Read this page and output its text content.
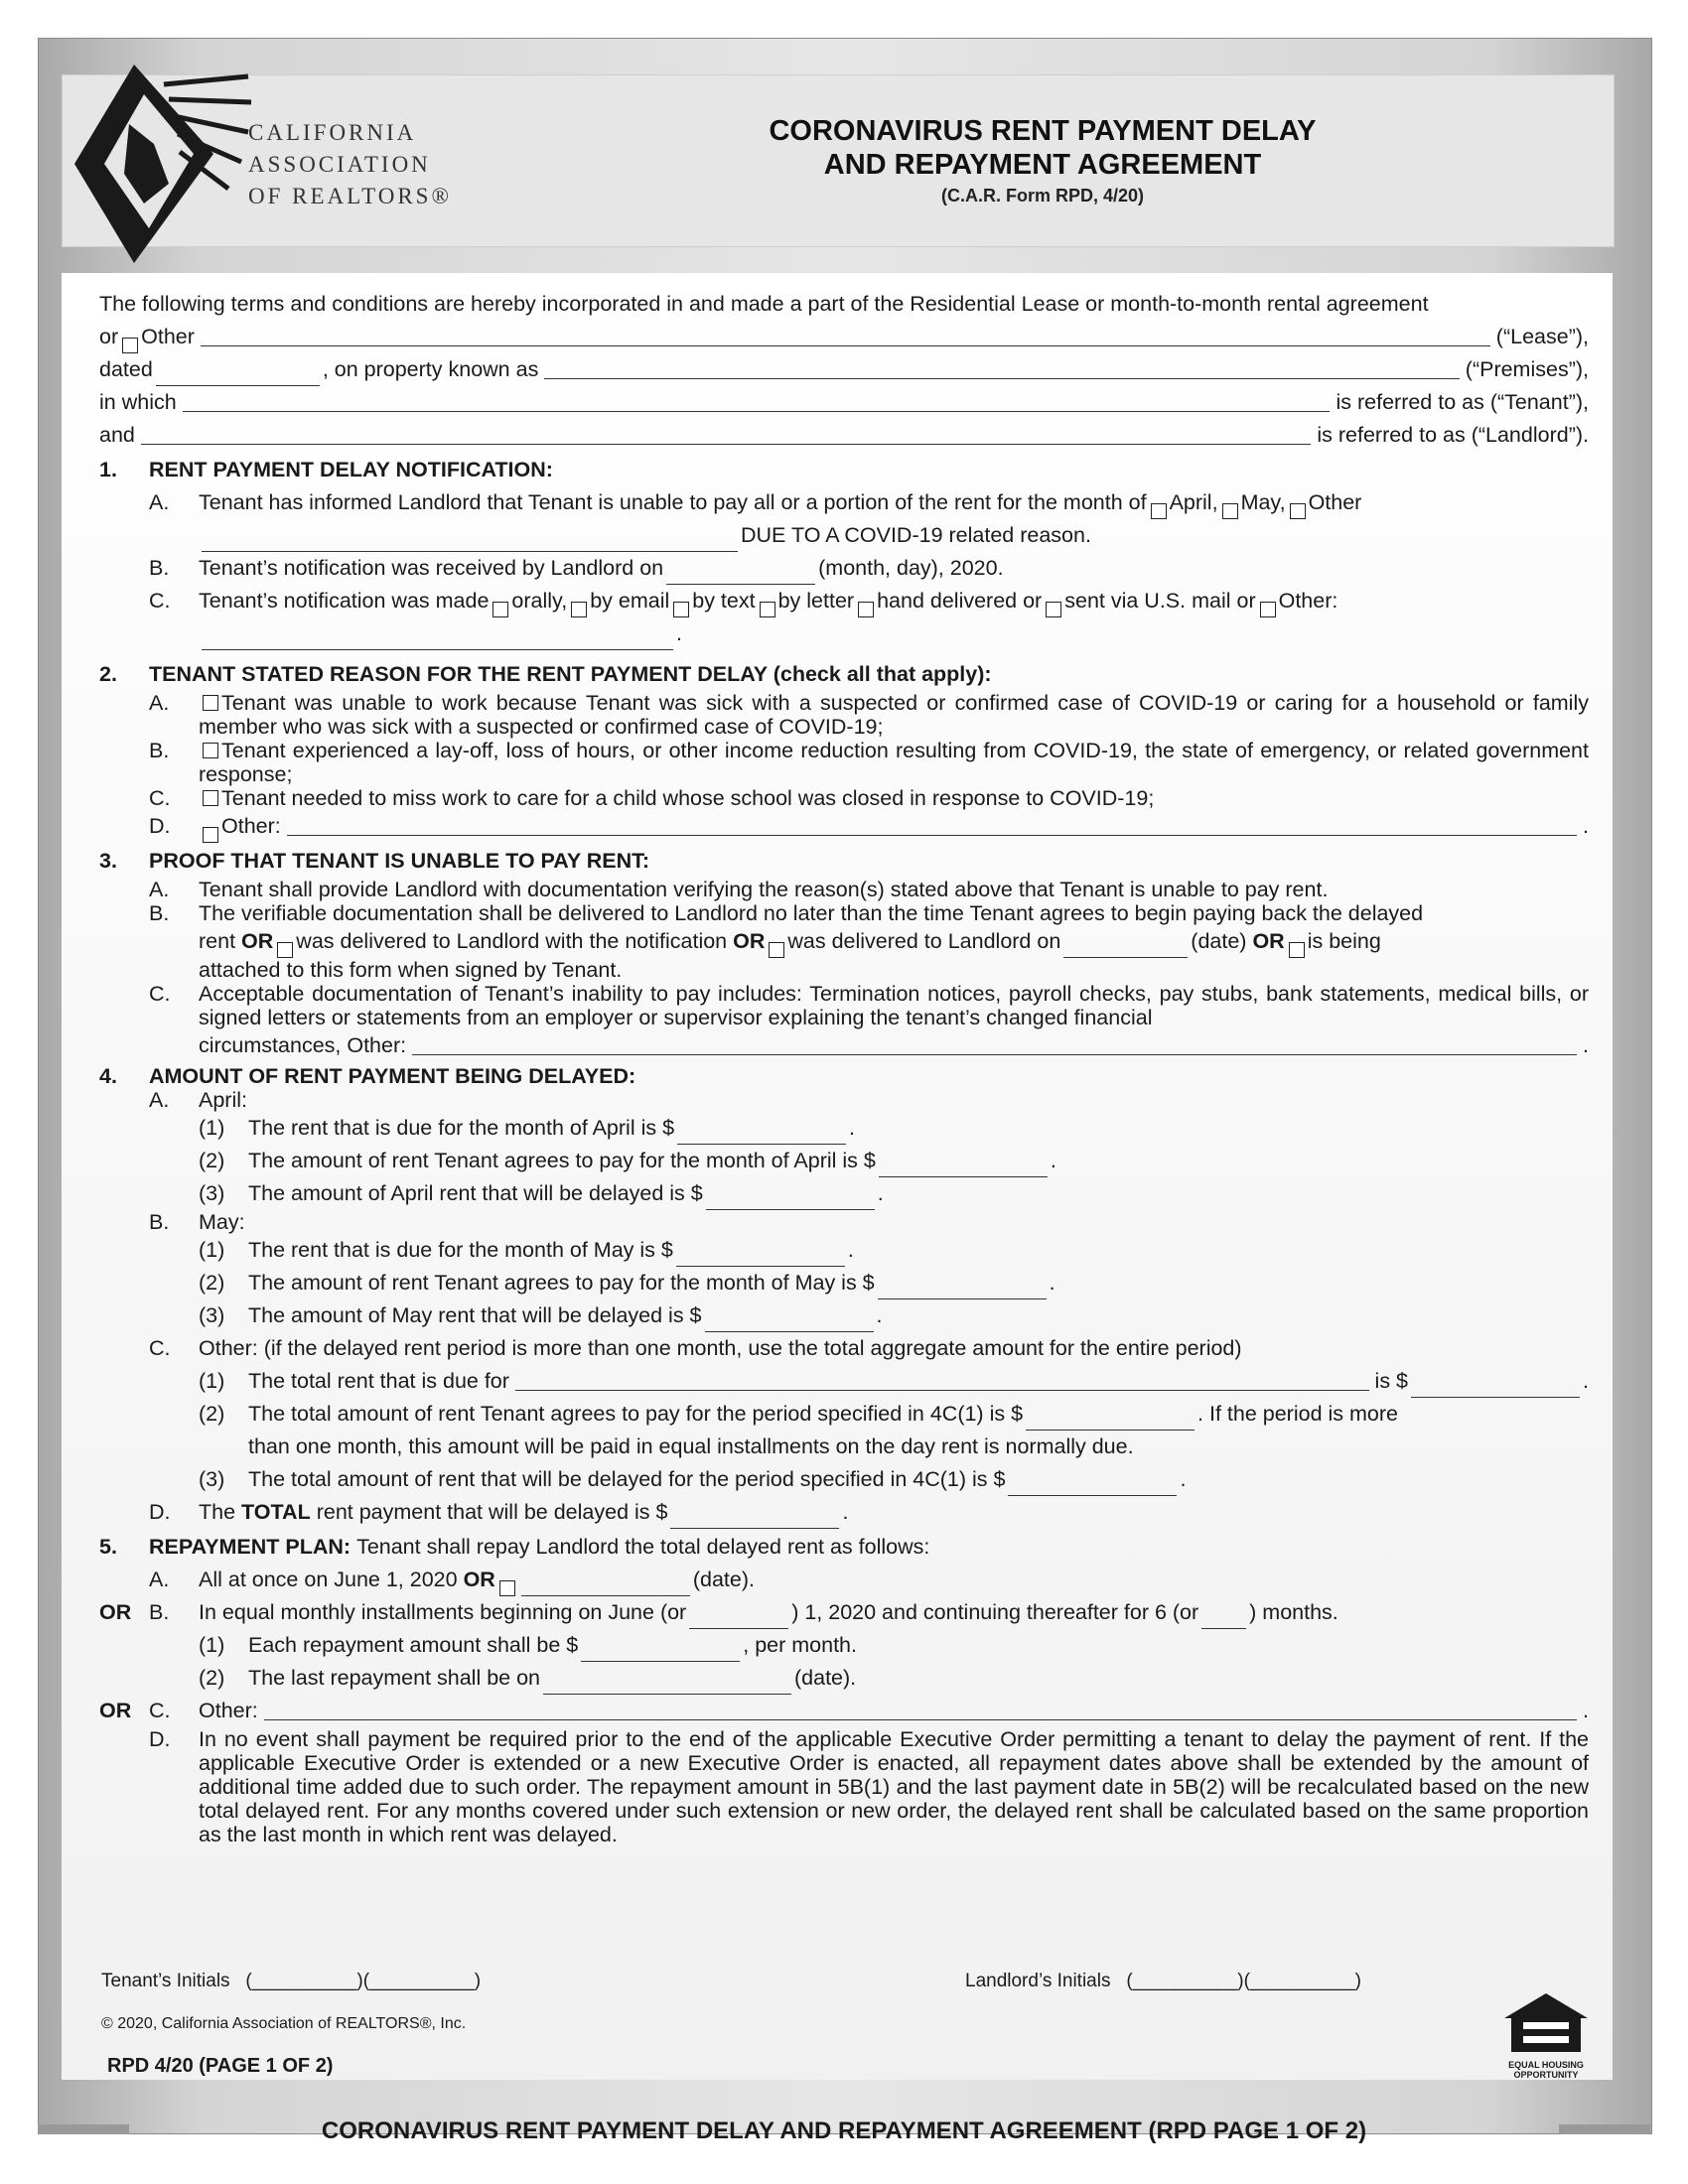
CALIFORNIA
ASSOCIATION
OF REALTORS®
CORONAVIRUS RENT PAYMENT DELAY
AND REPAYMENT AGREEMENT
(C.A.R. Form RPD, 4/20)
The following terms and conditions are hereby incorporated in and made a part of the Residential Lease or month-to-month rental agreement
or Other	(“Lease”),
dated	, on property known as	(“Premises”),
in which	is referred to as (“Tenant”),
and	is referred to as (“Landlord”).
1.	RENT PAYMENT DELAY NOTIFICATION:
A.	Tenant has informed Landlord that Tenant is unable to pay all or a portion of the rent for the month of April, May, Other
DUE TO A COVID-19 related reason.
B.	Tenant’s notification was received by Landlord on	(month, day), 2020.
C.	Tenant’s notification was made orally, by email by text by letter hand delivered or sent via U.S. mail or Other:
.
2.	TENANT STATED REASON FOR THE RENT PAYMENT DELAY (check all that apply):
A.	Tenant was unable to work because Tenant was sick with a suspected or confirmed case of COVID-19 or caring for a household or family member who was sick with a suspected or confirmed case of COVID-19;
B.	Tenant experienced a lay-off, loss of hours, or other income reduction resulting from COVID-19, the state of emergency, or related government response;
C.	Tenant needed to miss work to care for a child whose school was closed in response to COVID-19;
D.	Other:	.
3.	PROOF THAT TENANT IS UNABLE TO PAY RENT:
A.	Tenant shall provide Landlord with documentation verifying the reason(s) stated above that Tenant is unable to pay rent.
B.	The verifiable documentation shall be delivered to Landlord no later than the time Tenant agrees to begin paying back the delayed
rent
OR was delivered to Landlord with the notification
OR was delivered to Landlord on	(date)
OR is being
attached to this form when signed by Tenant.
C.	Acceptable documentation of Tenant’s inability to pay includes: Termination notices, payroll checks, pay stubs, bank statements, medical bills, or signed letters or statements from an employer or supervisor explaining the tenant’s changed financial
circumstances, Other:	.
4.	AMOUNT OF RENT PAYMENT BEING DELAYED:
A.	April:
(1)	The rent that is due for the month of April is $	.
(2)	The amount of rent Tenant agrees to pay for the month of April is $	.
(3)	The amount of April rent that will be delayed is $	.
B.	May:
(1)	The rent that is due for the month of May is $	.
(2)	The amount of rent Tenant agrees to pay for the month of May is $	.
(3)	The amount of May rent that will be delayed is $	.
C.	Other: (if the delayed rent period is more than one month, use the total aggregate amount for the entire period)
(1)	The total rent that is due for	is $	.
(2)	The total amount of rent Tenant agrees to pay for the period specified in 4C(1) is $	. If the period is more
than one month, this amount will be paid in equal installments on the day rent is normally due.
(3)	The total amount of rent that will be delayed for the period specified in 4C(1) is $	.
D.	The
TOTAL
rent payment that will be delayed is $	.
5.	REPAYMENT PLAN:
Tenant shall repay Landlord the total delayed rent as follows:
A.	All at once on June 1, 2020
OR	(date).
OR B.	In equal monthly installments beginning on June (or	) 1, 2020 and continuing thereafter for 6 (or ) months.
(1)	Each repayment amount shall be $	, per month.
(2)	The last repayment shall be on	(date).
OR C.	Other:	.
D.	In no event shall payment be required prior to the end of the applicable Executive Order permitting a tenant to delay the payment of rent. If the applicable Executive Order is extended or a new Executive Order is enacted, all repayment dates above shall be extended by the amount of additional time added due to such order. The repayment amount in 5B(1) and the last payment date in 5B(2) will be recalculated based on the new total delayed rent. For any months covered under such extension or new order, the delayed rent shall be calculated based on the same proportion as the last month in which rent was delayed.
Tenant’s Initials (__________)(__________)	Landlord’s Initials (__________)(__________)
© 2020, California Association of REALTORS®, Inc.
RPD 4/20 (PAGE 1 OF 2)	EQUAL HOUSING
OPPORTUNITY
CORONAVIRUS RENT PAYMENT DELAY AND REPAYMENT AGREEMENT (RPD PAGE 1 OF 2)
